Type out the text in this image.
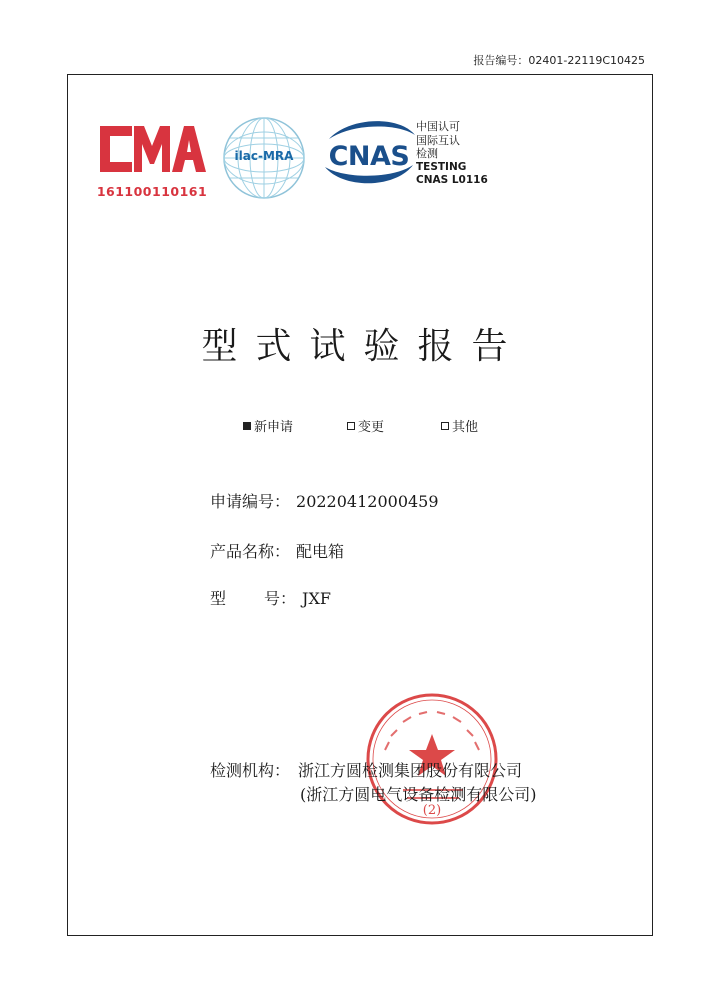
报告编号：02401-22119C10425
161100110161
ilac-MRA	CNAS
中国认可
国际互认
检测
TESTING
CNAS L0116
型式试验报告
新申请	变更	其他
申请编号： 20220412000459
产品名称： 配电箱
型 号： JXF
(2)
检测机构： 浙江方圆检测集团股份有限公司
(浙江方圆电气设备检测有限公司)
